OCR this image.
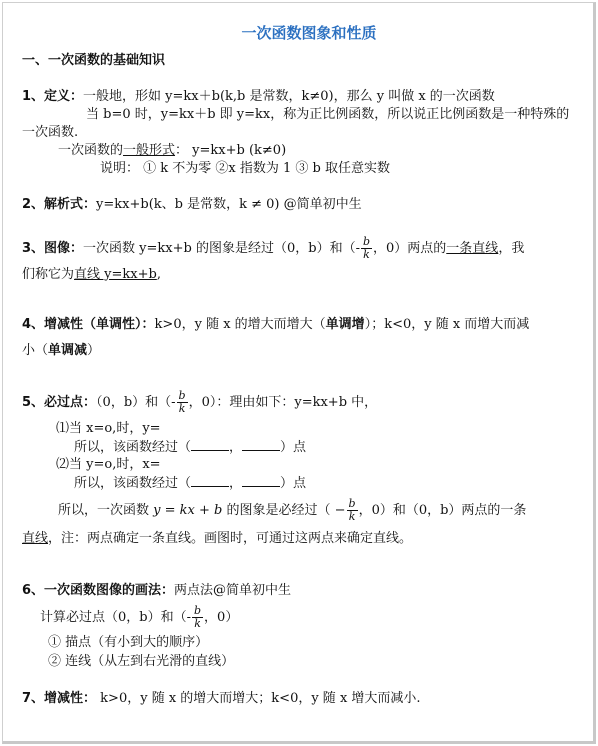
一次函数图象和性质
一、一次函数的基础知识
1、定义：一般地，形如 y=kx＋b(k,b 是常数，k≠0)，那么 y 叫做 x 的一次函数
当 b=0 时，y=kx＋b 即 y=kx，称为正比例函数，所以说正比例函数是一种特殊的
一次函数.
一次函数的一般形式： y=kx+b (k≠0)
说明： ① k 不为零 ②x 指数为 1 ③ b 取任意实数
2、解析式：y=kx+b(k、b 是常数，k ≠ 0) @简单初中生
3、图像：一次函数 y=kx+b 的图象是经过（0，b）和（- $\frac{b}{k}$ ，0）两点的一条直线，我
们称它为直线 y=kx+b,
4、增减性（单调性）：k>0，y 随 x 的增大而增大（单调增）；k<0，y 随 x 而增大而减
小（单调减）
5、必过点：（0，b）和（- $\frac{b}{k}$ ，0）：理由如下：y=kx+b 中，
⑴当 x=o,时，y=
所以，该函数经过（	，	）点
⑵当 y=o,时，x=
所以，该函数经过（	，	）点
所以，一次函数 y = kx + b 的图象是必经过（ − $\frac{b}{k}$ ，0）和（0，b）两点的一条
直线，注：两点确定一条直线。画图时，可通过这两点来确定直线。
6、一次函数图像的画法：两点法@简单初中生
计算必过点（0，b）和（- $\frac{b}{k}$ ，0）
① 描点（有小到大的顺序）
② 连线（从左到右光滑的直线）
7、增减性： k>0，y 随 x 的增大而增大；k<0，y 随 x 增大而减小.
